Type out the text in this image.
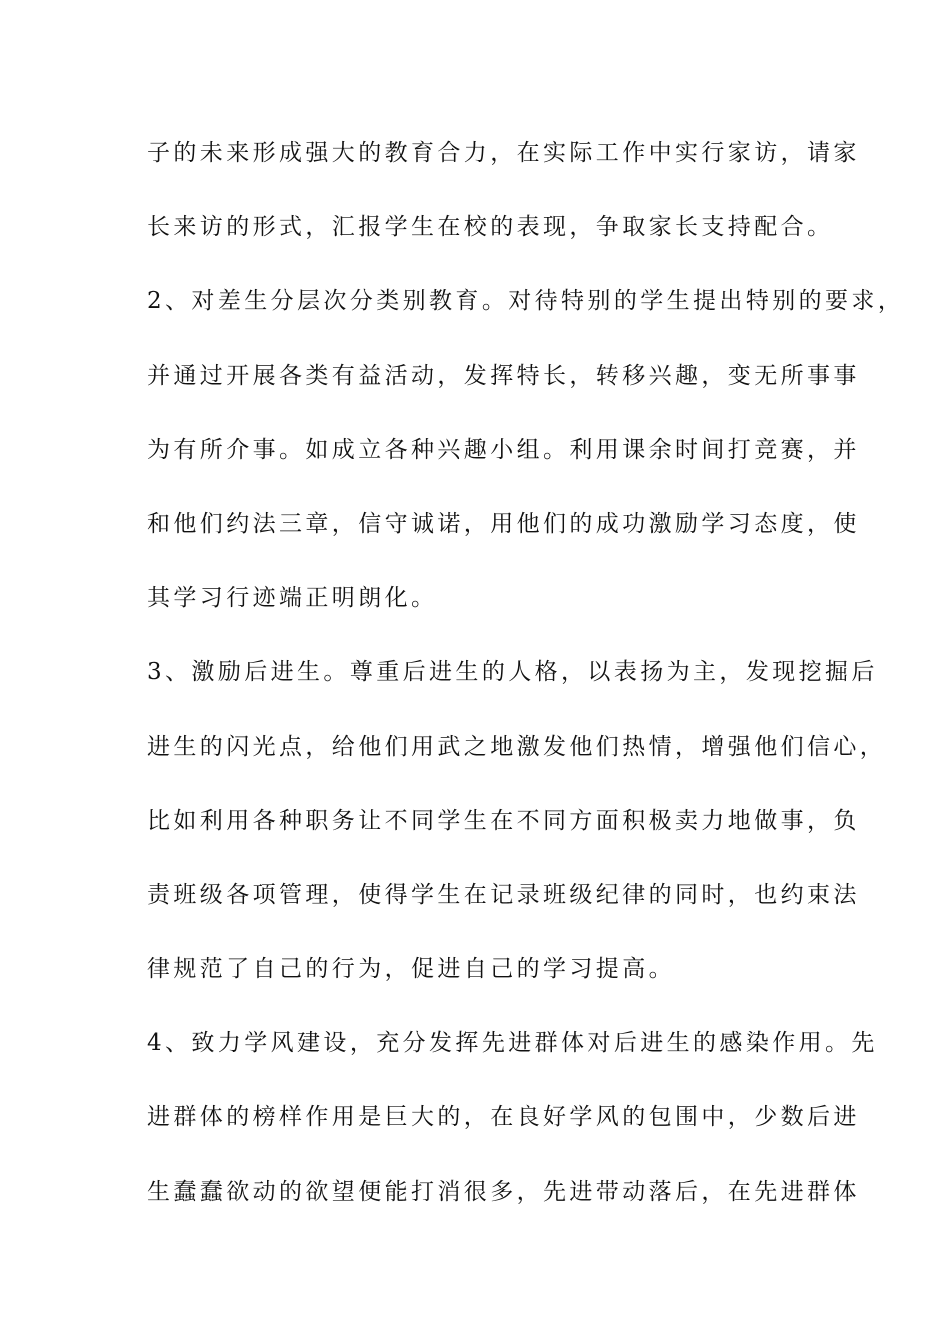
子的未来形成强大的教育合力，在实际工作中实行家访，请家
长来访的形式，汇报学生在校的表现，争取家长支持配合。
2、对差生分层次分类别教育。对待特别的学生提出特别的要求，
并通过开展各类有益活动，发挥特长，转移兴趣，变无所事事
为有所介事。如成立各种兴趣小组。利用课余时间打竞赛，并
和他们约法三章，信守诚诺，用他们的成功激励学习态度，使
其学习行迹端正明朗化。
3、激励后进生。尊重后进生的人格，以表扬为主，发现挖掘后
进生的闪光点，给他们用武之地激发他们热情，增强他们信心，
比如利用各种职务让不同学生在不同方面积极卖力地做事，负
责班级各项管理，使得学生在记录班级纪律的同时，也约束法
律规范了自己的行为，促进自己的学习提高。
4、致力学风建设，充分发挥先进群体对后进生的感染作用。先
进群体的榜样作用是巨大的，在良好学风的包围中，少数后进
生蠢蠢欲动的欲望便能打消很多，先进带动落后，在先进群体
